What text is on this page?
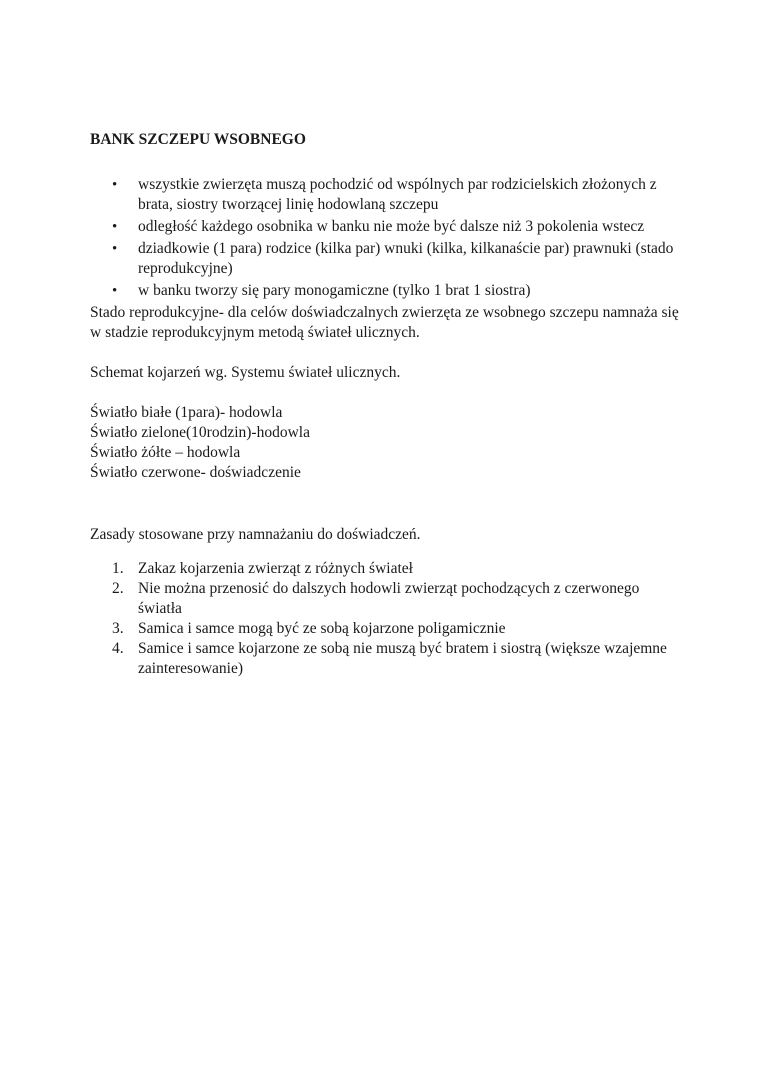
BANK SZCZEPU WSOBNEGO
• wszystkie zwierzęta muszą pochodzić od wspólnych par rodzicielskich złożonych z brata, siostry tworzącej linię hodowlaną szczepu
• odległość każdego osobnika w banku nie może być dalsze niż 3 pokolenia wstecz
• dziadkowie (1 para) rodzice (kilka par) wnuki (kilka, kilkanaście par) prawnuki (stado reprodukcyjne)
• w banku tworzy się pary monogamiczne (tylko 1 brat 1 siostra)

Stado reprodukcyjne- dla celów doświadczalnych zwierzęta ze wsobnego szczepu namnaża się w stadzie reprodukcyjnym metodą świateł ulicznych.

Schemat kojarzeń wg. Systemu świateł ulicznych.

Światło białe (1para)- hodowla

Światło zielone(10rodzin)-hodowla

Światło żółte – hodowla

Światło czerwone- doświadczenie

Zasady stosowane przy namnażaniu do doświadczeń.

1. Zakaz kojarzenia zwierząt z różnych świateł
2. Nie można przenosić do dalszych hodowli zwierząt pochodzących z czerwonego światła
3. Samica i samce mogą być ze sobą kojarzone poligamicznie
4. Samice i samce kojarzone ze sobą nie muszą być bratem i siostrą (większe wzajemne zainteresowanie)
